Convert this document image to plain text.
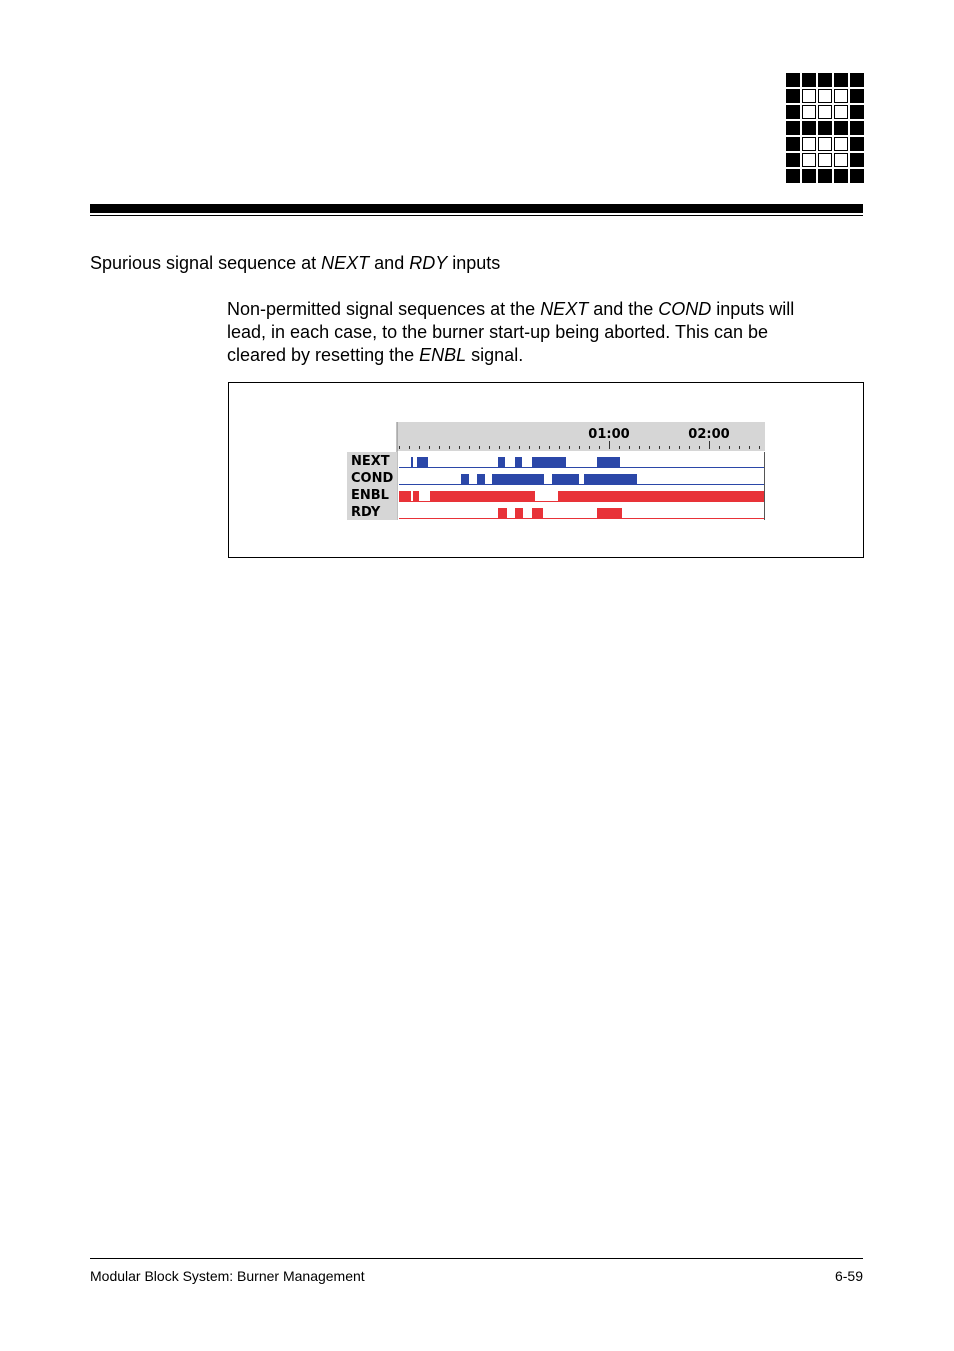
Spurious signal sequence at NEXT and RDY inputs
Non-permitted signal sequences at the NEXT and the COND inputs will
lead, in each case, to the burner start-up being aborted. This can be
cleared by resetting the ENBL signal.
01:00	02:00
NEXT
COND
ENBL
RDY
Modular Block System: Burner Management	6-59
